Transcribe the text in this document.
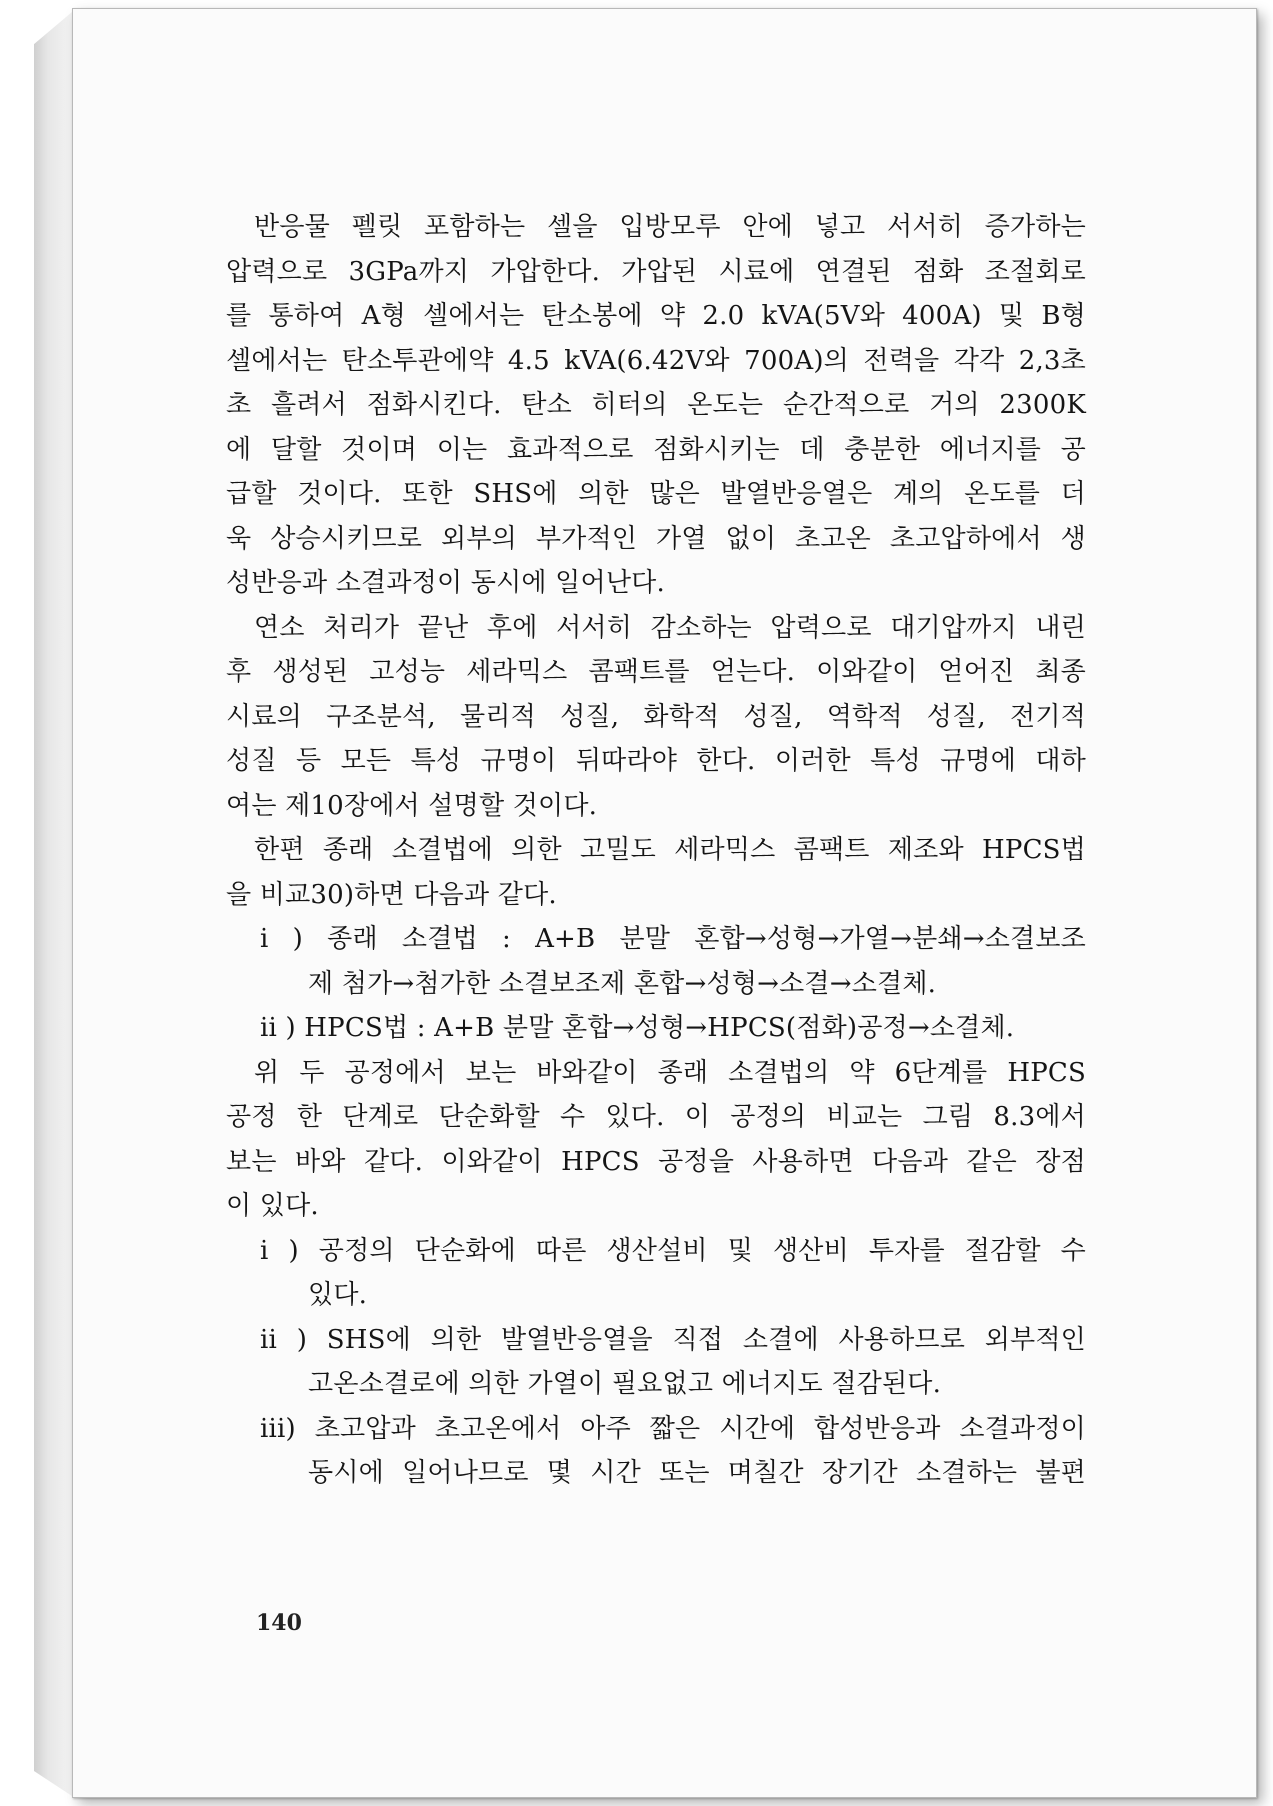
반응물 펠릿 포함하는 셀을 입방모루 안에 넣고 서서히 증가하는
압력으로 3GPa까지 가압한다. 가압된 시료에 연결된 점화 조절회로
를 통하여 A형 셀에서는 탄소봉에 약 2.0 kVA(5V와 400A) 및 B형
셀에서는 탄소투관에약 4.5 kVA(6.42V와 700A)의 전력을 각각 2,3초
초 흘려서 점화시킨다. 탄소 히터의 온도는 순간적으로 거의 2300K
에 달할 것이며 이는 효과적으로 점화시키는 데 충분한 에너지를 공
급할 것이다. 또한 SHS에 의한 많은 발열반응열은 계의 온도를 더
욱 상승시키므로 외부의 부가적인 가열 없이 초고온 초고압하에서 생
성반응과 소결과정이 동시에 일어난다.
연소 처리가 끝난 후에 서서히 감소하는 압력으로 대기압까지 내린
후 생성된 고성능 세라믹스 콤팩트를 얻는다. 이와같이 얻어진 최종
시료의 구조분석, 물리적 성질, 화학적 성질, 역학적 성질, 전기적
성질 등 모든 특성 규명이 뒤따라야 한다. 이러한 특성 규명에 대하
여는 제10장에서 설명할 것이다.
한편 종래 소결법에 의한 고밀도 세라믹스 콤팩트 제조와 HPCS법
을 비교30)하면 다음과 같다.
i ) 종래 소결법 : A+B 분말 혼합→성형→가열→분쇄→소결보조
제 첨가→첨가한 소결보조제 혼합→성형→소결→소결체.
ii ) HPCS법 : A+B 분말 혼합→성형→HPCS(점화)공정→소결체.
위 두 공정에서 보는 바와같이 종래 소결법의 약 6단계를 HPCS
공정 한 단계로 단순화할 수 있다. 이 공정의 비교는 그림 8.3에서
보는 바와 같다. 이와같이 HPCS 공정을 사용하면 다음과 같은 장점
이 있다.
i ) 공정의 단순화에 따른 생산설비 및 생산비 투자를 절감할 수
있다.
ii ) SHS에 의한 발열반응열을 직접 소결에 사용하므로 외부적인
고온소결로에 의한 가열이 필요없고 에너지도 절감된다.
iii) 초고압과 초고온에서 아주 짧은 시간에 합성반응과 소결과정이
동시에 일어나므로 몇 시간 또는 며칠간 장기간 소결하는 불편
140
